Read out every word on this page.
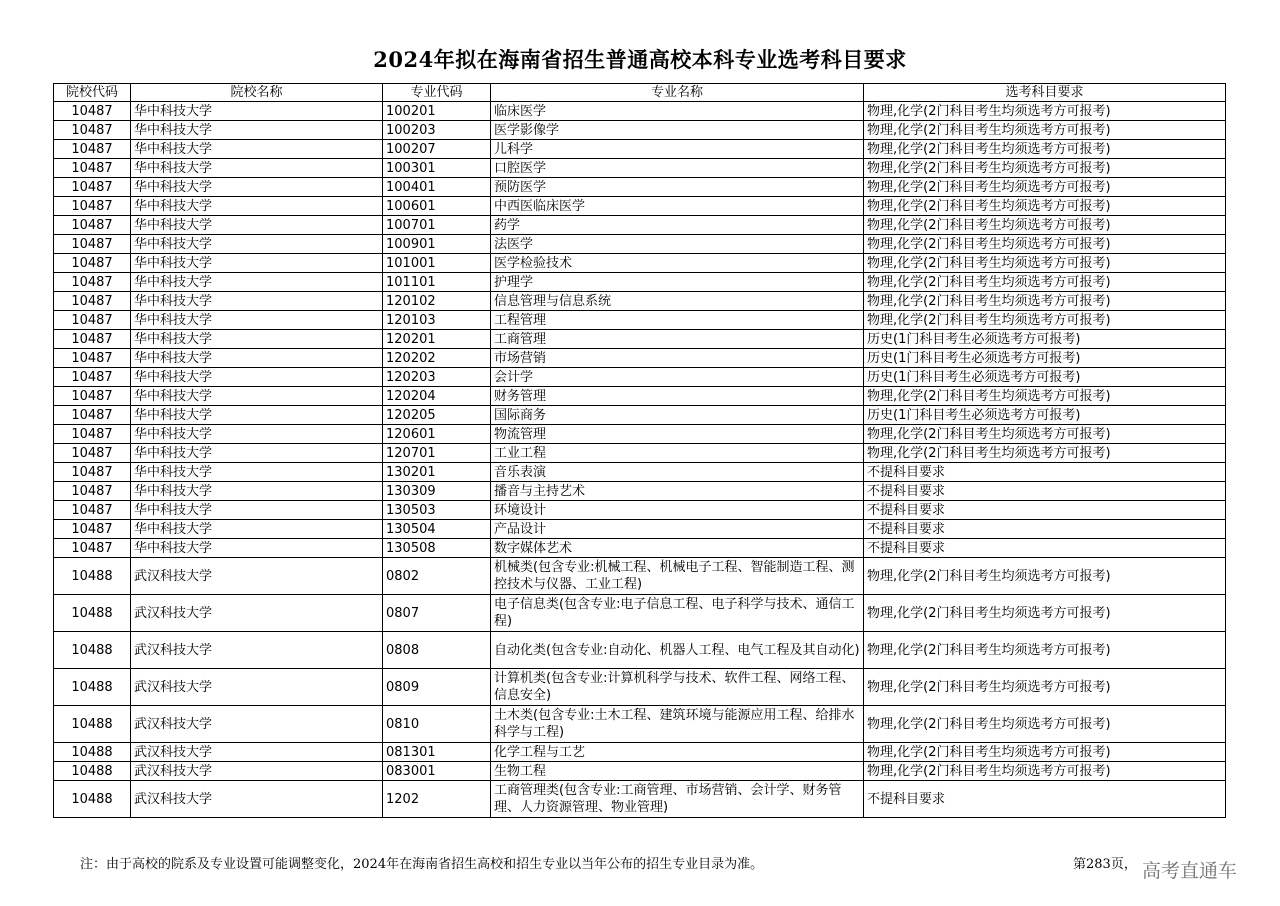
2024年拟在海南省招生普通高校本科专业选考科目要求
院校代码	院校名称	专业代码	专业名称	选考科目要求
10487	华中科技大学	100201	临床医学	物理,化学(2门科目考生均须选考方可报考)
10487	华中科技大学	100203	医学影像学	物理,化学(2门科目考生均须选考方可报考)
10487	华中科技大学	100207	儿科学	物理,化学(2门科目考生均须选考方可报考)
10487	华中科技大学	100301	口腔医学	物理,化学(2门科目考生均须选考方可报考)
10487	华中科技大学	100401	预防医学	物理,化学(2门科目考生均须选考方可报考)
10487	华中科技大学	100601	中西医临床医学	物理,化学(2门科目考生均须选考方可报考)
10487	华中科技大学	100701	药学	物理,化学(2门科目考生均须选考方可报考)
10487	华中科技大学	100901	法医学	物理,化学(2门科目考生均须选考方可报考)
10487	华中科技大学	101001	医学检验技术	物理,化学(2门科目考生均须选考方可报考)
10487	华中科技大学	101101	护理学	物理,化学(2门科目考生均须选考方可报考)
10487	华中科技大学	120102	信息管理与信息系统	物理,化学(2门科目考生均须选考方可报考)
10487	华中科技大学	120103	工程管理	物理,化学(2门科目考生均须选考方可报考)
10487	华中科技大学	120201	工商管理	历史(1门科目考生必须选考方可报考)
10487	华中科技大学	120202	市场营销	历史(1门科目考生必须选考方可报考)
10487	华中科技大学	120203	会计学	历史(1门科目考生必须选考方可报考)
10487	华中科技大学	120204	财务管理	物理,化学(2门科目考生均须选考方可报考)
10487	华中科技大学	120205	国际商务	历史(1门科目考生必须选考方可报考)
10487	华中科技大学	120601	物流管理	物理,化学(2门科目考生均须选考方可报考)
10487	华中科技大学	120701	工业工程	物理,化学(2门科目考生均须选考方可报考)
10487	华中科技大学	130201	音乐表演	不提科目要求
10487	华中科技大学	130309	播音与主持艺术	不提科目要求
10487	华中科技大学	130503	环境设计	不提科目要求
10487	华中科技大学	130504	产品设计	不提科目要求
10487	华中科技大学	130508	数字媒体艺术	不提科目要求
10488	武汉科技大学	0802	机械类(包含专业:机械工程、机械电子工程、智能制造工程、测控技术与仪器、工业工程)	物理,化学(2门科目考生均须选考方可报考)
10488	武汉科技大学	0807	电子信息类(包含专业:电子信息工程、电子科学与技术、通信工程)	物理,化学(2门科目考生均须选考方可报考)
10488	武汉科技大学	0808	自动化类(包含专业:自动化、机器人工程、电气工程及其自动化)	物理,化学(2门科目考生均须选考方可报考)
10488	武汉科技大学	0809	计算机类(包含专业:计算机科学与技术、软件工程、网络工程、信息安全)	物理,化学(2门科目考生均须选考方可报考)
10488	武汉科技大学	0810	土木类(包含专业:土木工程、建筑环境与能源应用工程、给排水科学与工程)	物理,化学(2门科目考生均须选考方可报考)
10488	武汉科技大学	081301	化学工程与工艺	物理,化学(2门科目考生均须选考方可报考)
10488	武汉科技大学	083001	生物工程	物理,化学(2门科目考生均须选考方可报考)
10488	武汉科技大学	1202	工商管理类(包含专业:工商管理、市场营销、会计学、财务管理、人力资源管理、物业管理)	不提科目要求
注：由于高校的院系及专业设置可能调整变化，2024年在海南省招生高校和招生专业以当年公布的招生专业目录为准。	第283页， 高考直通车
